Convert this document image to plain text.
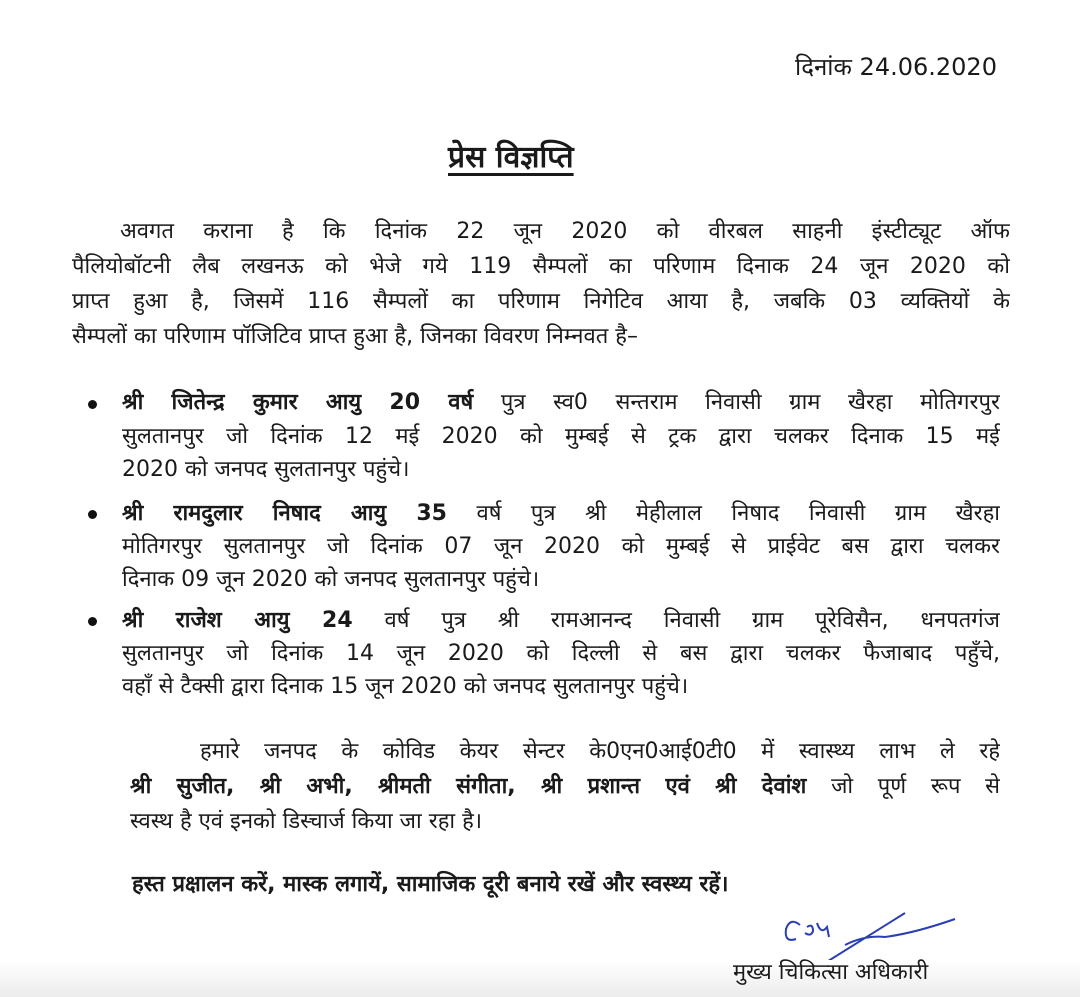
दिनांक 24.06.2020
प्रेस विज्ञप्ति
अवगत कराना है कि दिनांक 22 जून 2020 को वीरबल साहनी इंस्टीट्यूट ऑफ
पैलियोबॉटनी लैब लखनऊ को भेजे गये 119 सैम्पलों का परिणाम दिनाक 24 जून 2020 को
प्राप्त हुआ है, जिसमें 116 सैम्पलों का परिणाम निगेटिव आया है, जबकि 03 व्यक्तियों के
सैम्पलों का परिणाम पॉजिटिव प्राप्त हुआ है, जिनका विवरण निम्नवत है–
श्री जितेन्द्र कुमार आयु 20 वर्ष पुत्र स्व0 सन्तराम निवासी ग्राम खैरहा मोतिगरपुर
सुलतानपुर जो दिनांक 12 मई 2020 को मुम्बई से ट्रक द्वारा चलकर दिनाक 15 मई
2020 को जनपद सुलतानपुर पहुंचे।
श्री रामदुलार निषाद आयु 35 वर्ष पुत्र श्री मेहीलाल निषाद निवासी ग्राम खैरहा
मोतिगरपुर सुलतानपुर जो दिनांक 07 जून 2020 को मुम्बई से प्राईवेट बस द्वारा चलकर
दिनाक 09 जून 2020 को जनपद सुलतानपुर पहुंचे।
श्री राजेश आयु 24 वर्ष पुत्र श्री रामआनन्द निवासी ग्राम पूरेविसैन, धनपतगंज
सुलतानपुर जो दिनांक 14 जून 2020 को दिल्ली से बस द्वारा चलकर फैजाबाद पहुँचे,
वहाँ से टैक्सी द्वारा दिनाक 15 जून 2020 को जनपद सुलतानपुर पहुंचे।
हमारे जनपद के कोविड केयर सेन्टर के0एन0आई0टी0 में स्वास्थ्य लाभ ले रहे
श्री सुजीत, श्री अभी, श्रीमती संगीता, श्री प्रशान्त एवं श्री देवांश जो पूर्ण रूप से
स्वस्थ है एवं इनको डिस्चार्ज किया जा रहा है।
हस्त प्रक्षालन करें, मास्क लगायें, सामाजिक दूरी बनाये रखें और स्वस्थ्य रहें।
मुख्य चिकित्सा अधिकारी
